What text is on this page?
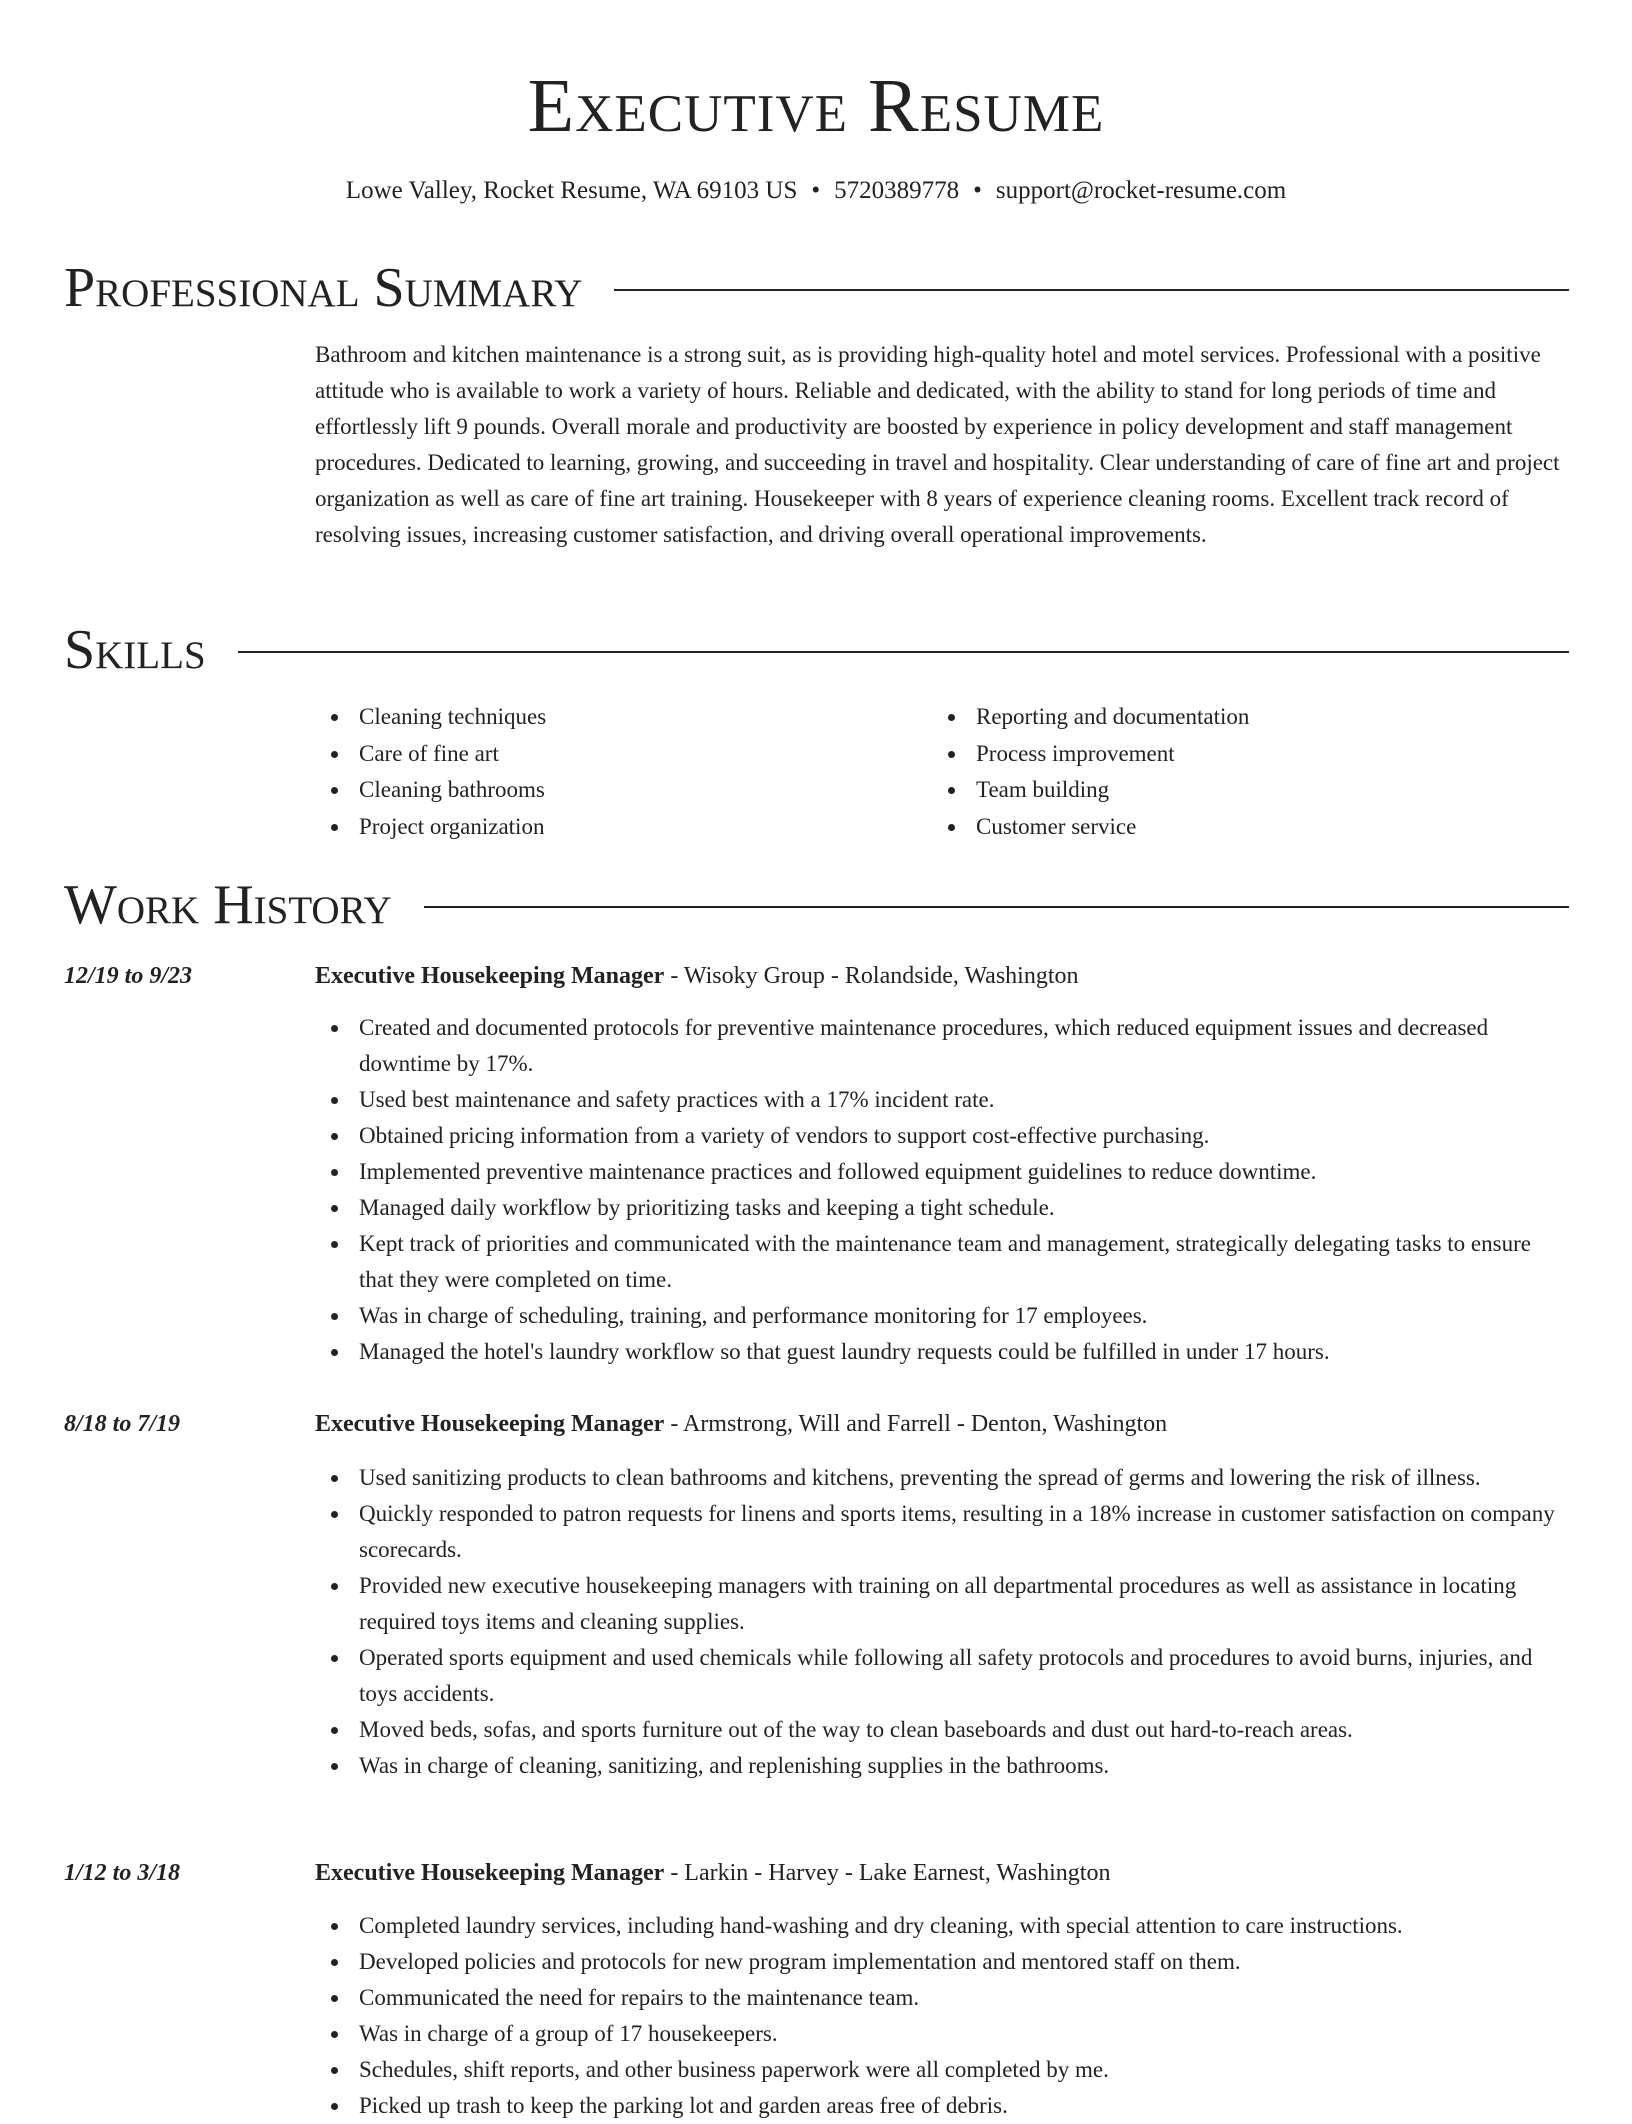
Executive Resume
Lowe Valley, Rocket Resume, WA 69103 US • 5720389778 • support@rocket-resume.com
Professional Summary
Bathroom and kitchen maintenance is a strong suit, as is providing high-quality hotel and motel services. Professional with a positive attitude who is available to work a variety of hours. Reliable and dedicated, with the ability to stand for long periods of time and effortlessly lift 9 pounds. Overall morale and productivity are boosted by experience in policy development and staff management procedures. Dedicated to learning, growing, and succeeding in travel and hospitality. Clear understanding of care of fine art and project organization as well as care of fine art training. Housekeeper with 8 years of experience cleaning rooms. Excellent track record of resolving issues, increasing customer satisfaction, and driving overall operational improvements.
Skills
Cleaning techniques
Care of fine art
Cleaning bathrooms
Project organization
Reporting and documentation
Process improvement
Team building
Customer service
Work History
12/19 to 9/23	Executive Housekeeping Manager - Wisoky Group - Rolandside, Washington
Created and documented protocols for preventive maintenance procedures, which reduced equipment issues and decreased downtime by 17%.
Used best maintenance and safety practices with a 17% incident rate.
Obtained pricing information from a variety of vendors to support cost-effective purchasing.
Implemented preventive maintenance practices and followed equipment guidelines to reduce downtime.
Managed daily workflow by prioritizing tasks and keeping a tight schedule.
Kept track of priorities and communicated with the maintenance team and management, strategically delegating tasks to ensure that they were completed on time.
Was in charge of scheduling, training, and performance monitoring for 17 employees.
Managed the hotel's laundry workflow so that guest laundry requests could be fulfilled in under 17 hours.
8/18 to 7/19	Executive Housekeeping Manager - Armstrong, Will and Farrell - Denton, Washington
Used sanitizing products to clean bathrooms and kitchens, preventing the spread of germs and lowering the risk of illness.
Quickly responded to patron requests for linens and sports items, resulting in a 18% increase in customer satisfaction on company scorecards.
Provided new executive housekeeping managers with training on all departmental procedures as well as assistance in locating required toys items and cleaning supplies.
Operated sports equipment and used chemicals while following all safety protocols and procedures to avoid burns, injuries, and toys accidents.
Moved beds, sofas, and sports furniture out of the way to clean baseboards and dust out hard-to-reach areas.
Was in charge of cleaning, sanitizing, and replenishing supplies in the bathrooms.
1/12 to 3/18	Executive Housekeeping Manager - Larkin - Harvey - Lake Earnest, Washington
Completed laundry services, including hand-washing and dry cleaning, with special attention to care instructions.
Developed policies and protocols for new program implementation and mentored staff on them.
Communicated the need for repairs to the maintenance team.
Was in charge of a group of 17 housekeepers.
Schedules, shift reports, and other business paperwork were all completed by me.
Picked up trash to keep the parking lot and garden areas free of debris.
